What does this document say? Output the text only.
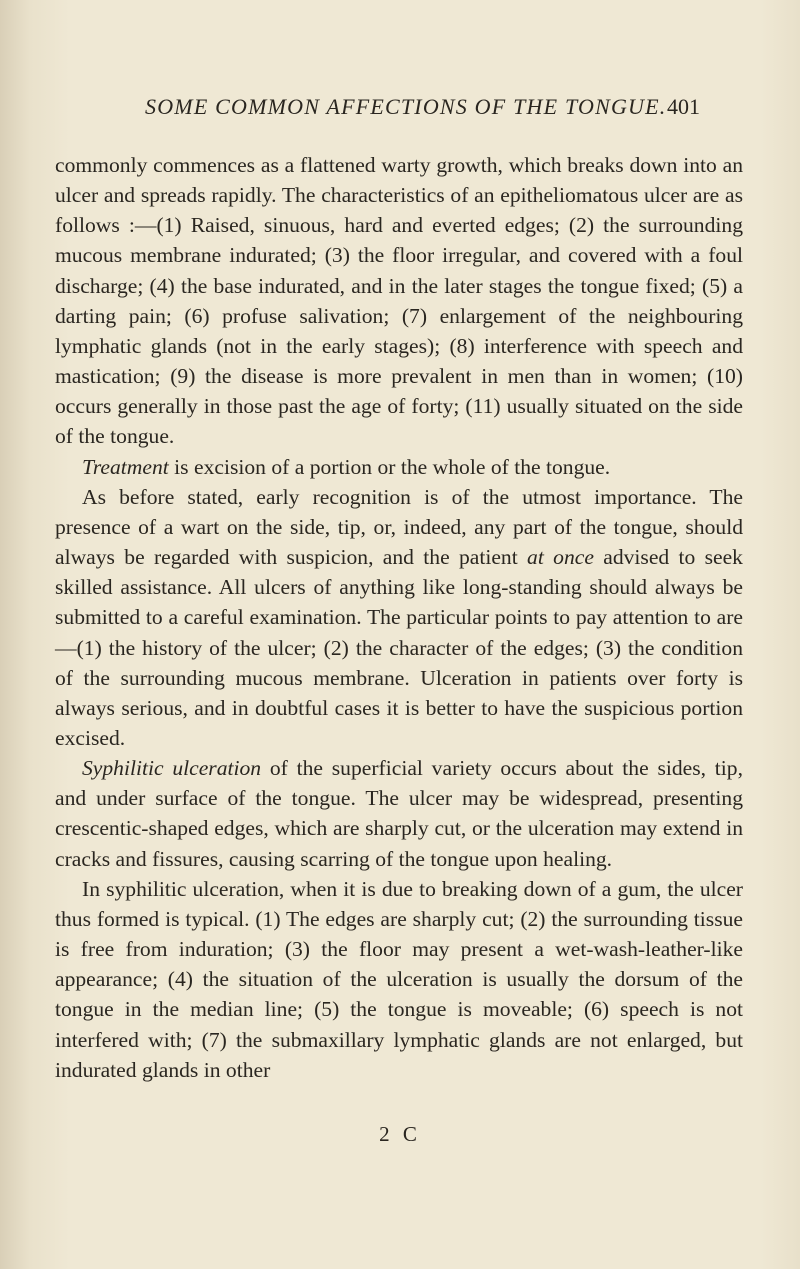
SOME COMMON AFFECTIONS OF THE TONGUE. 401

commonly commences as a flattened warty growth, which breaks down into an ulcer and spreads rapidly. The characteristics of an epitheliomatous ulcer are as follows :—(1) Raised, sinuous, hard and everted edges; (2) the surrounding mucous membrane indurated; (3) the floor irregular, and covered with a foul discharge; (4) the base indurated, and in the later stages the tongue fixed; (5) a darting pain; (6) profuse salivation; (7) enlargement of the neighbouring lymphatic glands (not in the early stages); (8) interference with speech and mastication; (9) the disease is more prevalent in men than in women; (10) occurs generally in those past the age of forty; (11) usually situated on the side of the tongue.

Treatment is excision of a portion or the whole of the tongue.

As before stated, early recognition is of the utmost importance. The presence of a wart on the side, tip, or, indeed, any part of the tongue, should always be regarded with suspicion, and the patient at once advised to seek skilled assistance. All ulcers of anything like long-standing should always be submitted to a careful examination. The particular points to pay attention to are—(1) the history of the ulcer; (2) the character of the edges; (3) the condition of the surrounding mucous membrane. Ulceration in patients over forty is always serious, and in doubtful cases it is better to have the suspicious portion excised.

Syphilitic ulceration of the superficial variety occurs about the sides, tip, and under surface of the tongue. The ulcer may be widespread, presenting crescentic-shaped edges, which are sharply cut, or the ulceration may extend in cracks and fissures, causing scarring of the tongue upon healing.

In syphilitic ulceration, when it is due to breaking down of a gum, the ulcer thus formed is typical. (1) The edges are sharply cut; (2) the surrounding tissue is free from induration; (3) the floor may present a wet-wash-leather-like appearance; (4) the situation of the ulceration is usually the dorsum of the tongue in the median line; (5) the tongue is moveable; (6) speech is not interfered with; (7) the submaxillary lymphatic glands are not enlarged, but indurated glands in other

2 C
